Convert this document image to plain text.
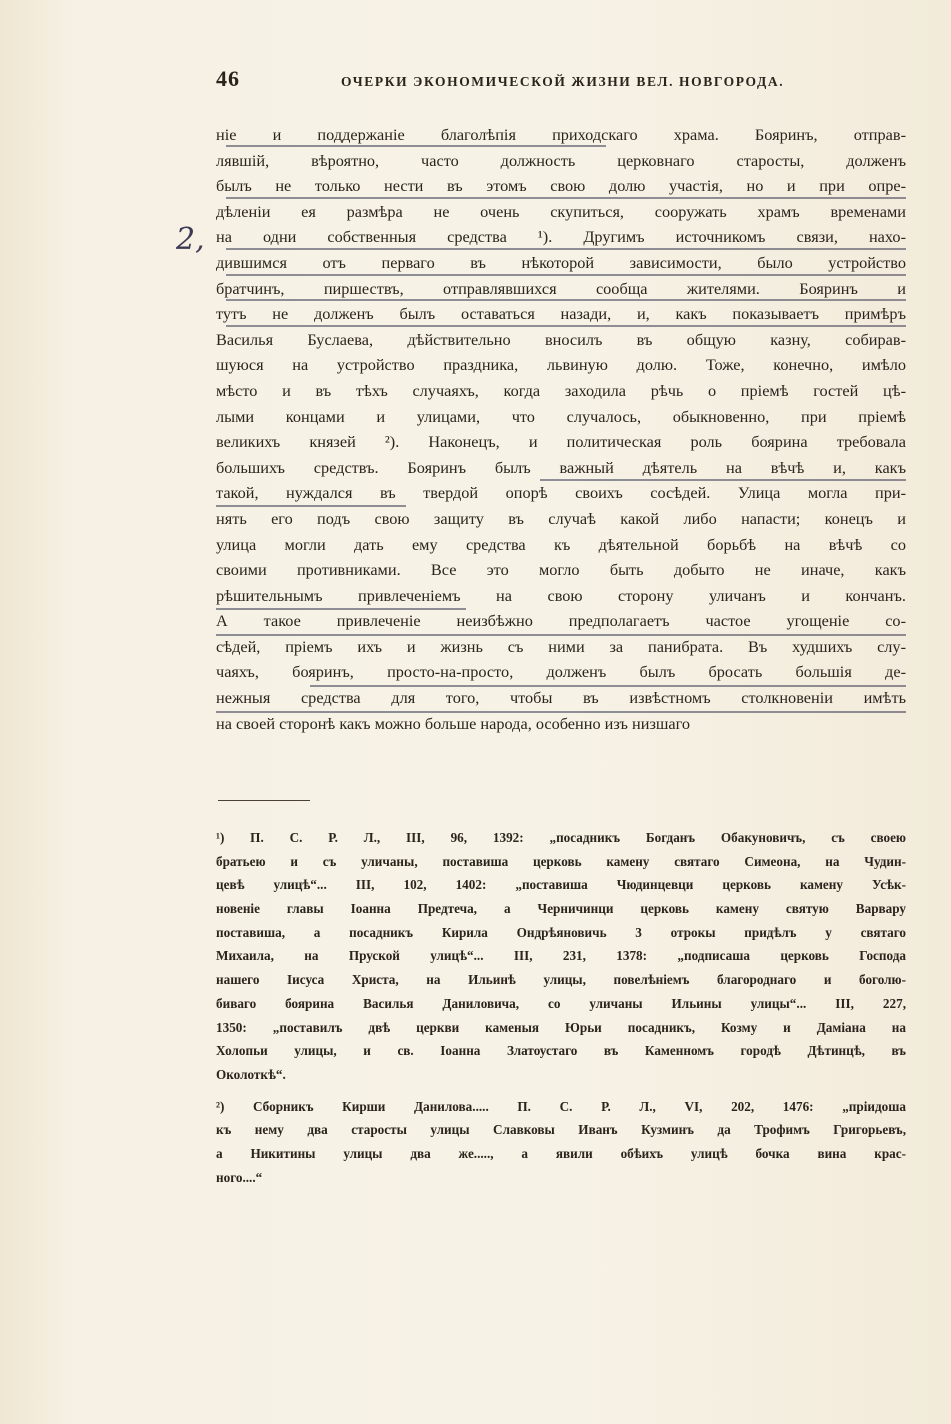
46	ОЧЕРКИ ЭКОНОМИЧЕСКОЙ ЖИЗНИ ВЕЛ. НОВГОРОДА.
2,
ніе и поддержаніе благолѣпія приходскаго храма. Бояринъ, отправ-
лявшій, вѣроятно, часто должность церковнаго старосты, долженъ
былъ не только нести въ этомъ свою долю участія, но и при опре-
дѣленіи ея размѣра не очень скупиться, сооружать храмъ временами
на одни собственныя средства ¹). Другимъ источникомъ связи, нахо-
дившимся отъ перваго въ нѣкоторой зависимости, было устройство
братчинъ, пиршествъ, отправлявшихся сообща жителями. Бояринъ и
тутъ не долженъ былъ оставаться назади, и, какъ показываетъ примѣръ
Василья Буслаева, дѣйствительно вносилъ въ общую казну, собирав-
шуюся на устройство праздника, львиную долю. Тоже, конечно, имѣло
мѣсто и въ тѣхъ случаяхъ, когда заходила рѣчь о пріемѣ гостей цѣ-
лыми концами и улицами, что случалось, обыкновенно, при пріемѣ
великихъ князей ²). Наконецъ, и политическая роль боярина требовала
большихъ средствъ. Бояринъ былъ важный дѣятель на вѣчѣ и, какъ
такой, нуждался въ твердой опорѣ своихъ сосѣдей. Улица могла при-
нять его подъ свою защиту въ случаѣ какой либо напасти; конецъ и
улица могли дать ему средства къ дѣятельной борьбѣ на вѣчѣ со
своими противниками. Все это могло быть добыто не иначе, какъ
рѣшительнымъ привлеченіемъ на свою сторону уличанъ и кончанъ.
А такое привлеченіе неизбѣжно предполагаетъ частое угощеніе со-
сѣдей, пріемъ ихъ и жизнь съ ними за панибрата. Въ худшихъ слу-
чаяхъ, бояринъ, просто-на-просто, долженъ былъ бросать большія де-
нежныя средства для того, чтобы въ извѣстномъ столкновеніи имѣть
на своей сторонѣ какъ можно больше народа, особенно изъ низшаго
¹) П. С. Р. Л., III, 96, 1392: „посадникъ Богданъ Обакуновичъ, съ своею
братьею и съ уличаны, поставиша церковь камену святаго Симеона, на Чудин-
цевѣ улицѣ“... III, 102, 1402: „поставиша Чюдинцевци церковь камену Усѣк-
новеніе главы Іоанна Предтеча, а Черничинци церковь камену святую Варвару
поставиша, а посадникъ Кирила Ондрѣяновичь 3 отрокы придѣлъ у святаго
Михаила, на Пруской улицѣ“... III, 231, 1378: „подписаша церковь Господа
нашего Іисуса Христа, на Ильинѣ улицы, повелѣніемъ благороднаго и боголю-
биваго боярина Василья Даниловича, со уличаны Ильины улицы“... III, 227,
1350: „поставилъ двѣ церкви каменыя Юрьи посадникъ, Козму и Даміана на
Холопьи улицы, и св. Іоанна Златоустаго въ Каменномъ городѣ Дѣтинцѣ, въ
Околоткѣ“.
²) Сборникъ Кирши Данилова..... П. С. Р. Л., VI, 202, 1476: „пріидоша
къ нему два старосты улицы Славковы Иванъ Кузминъ да Трофимъ Григорьевъ,
а Никитины улицы два же....., а явили обѣихъ улицѣ бочка вина крас-
ного....“
